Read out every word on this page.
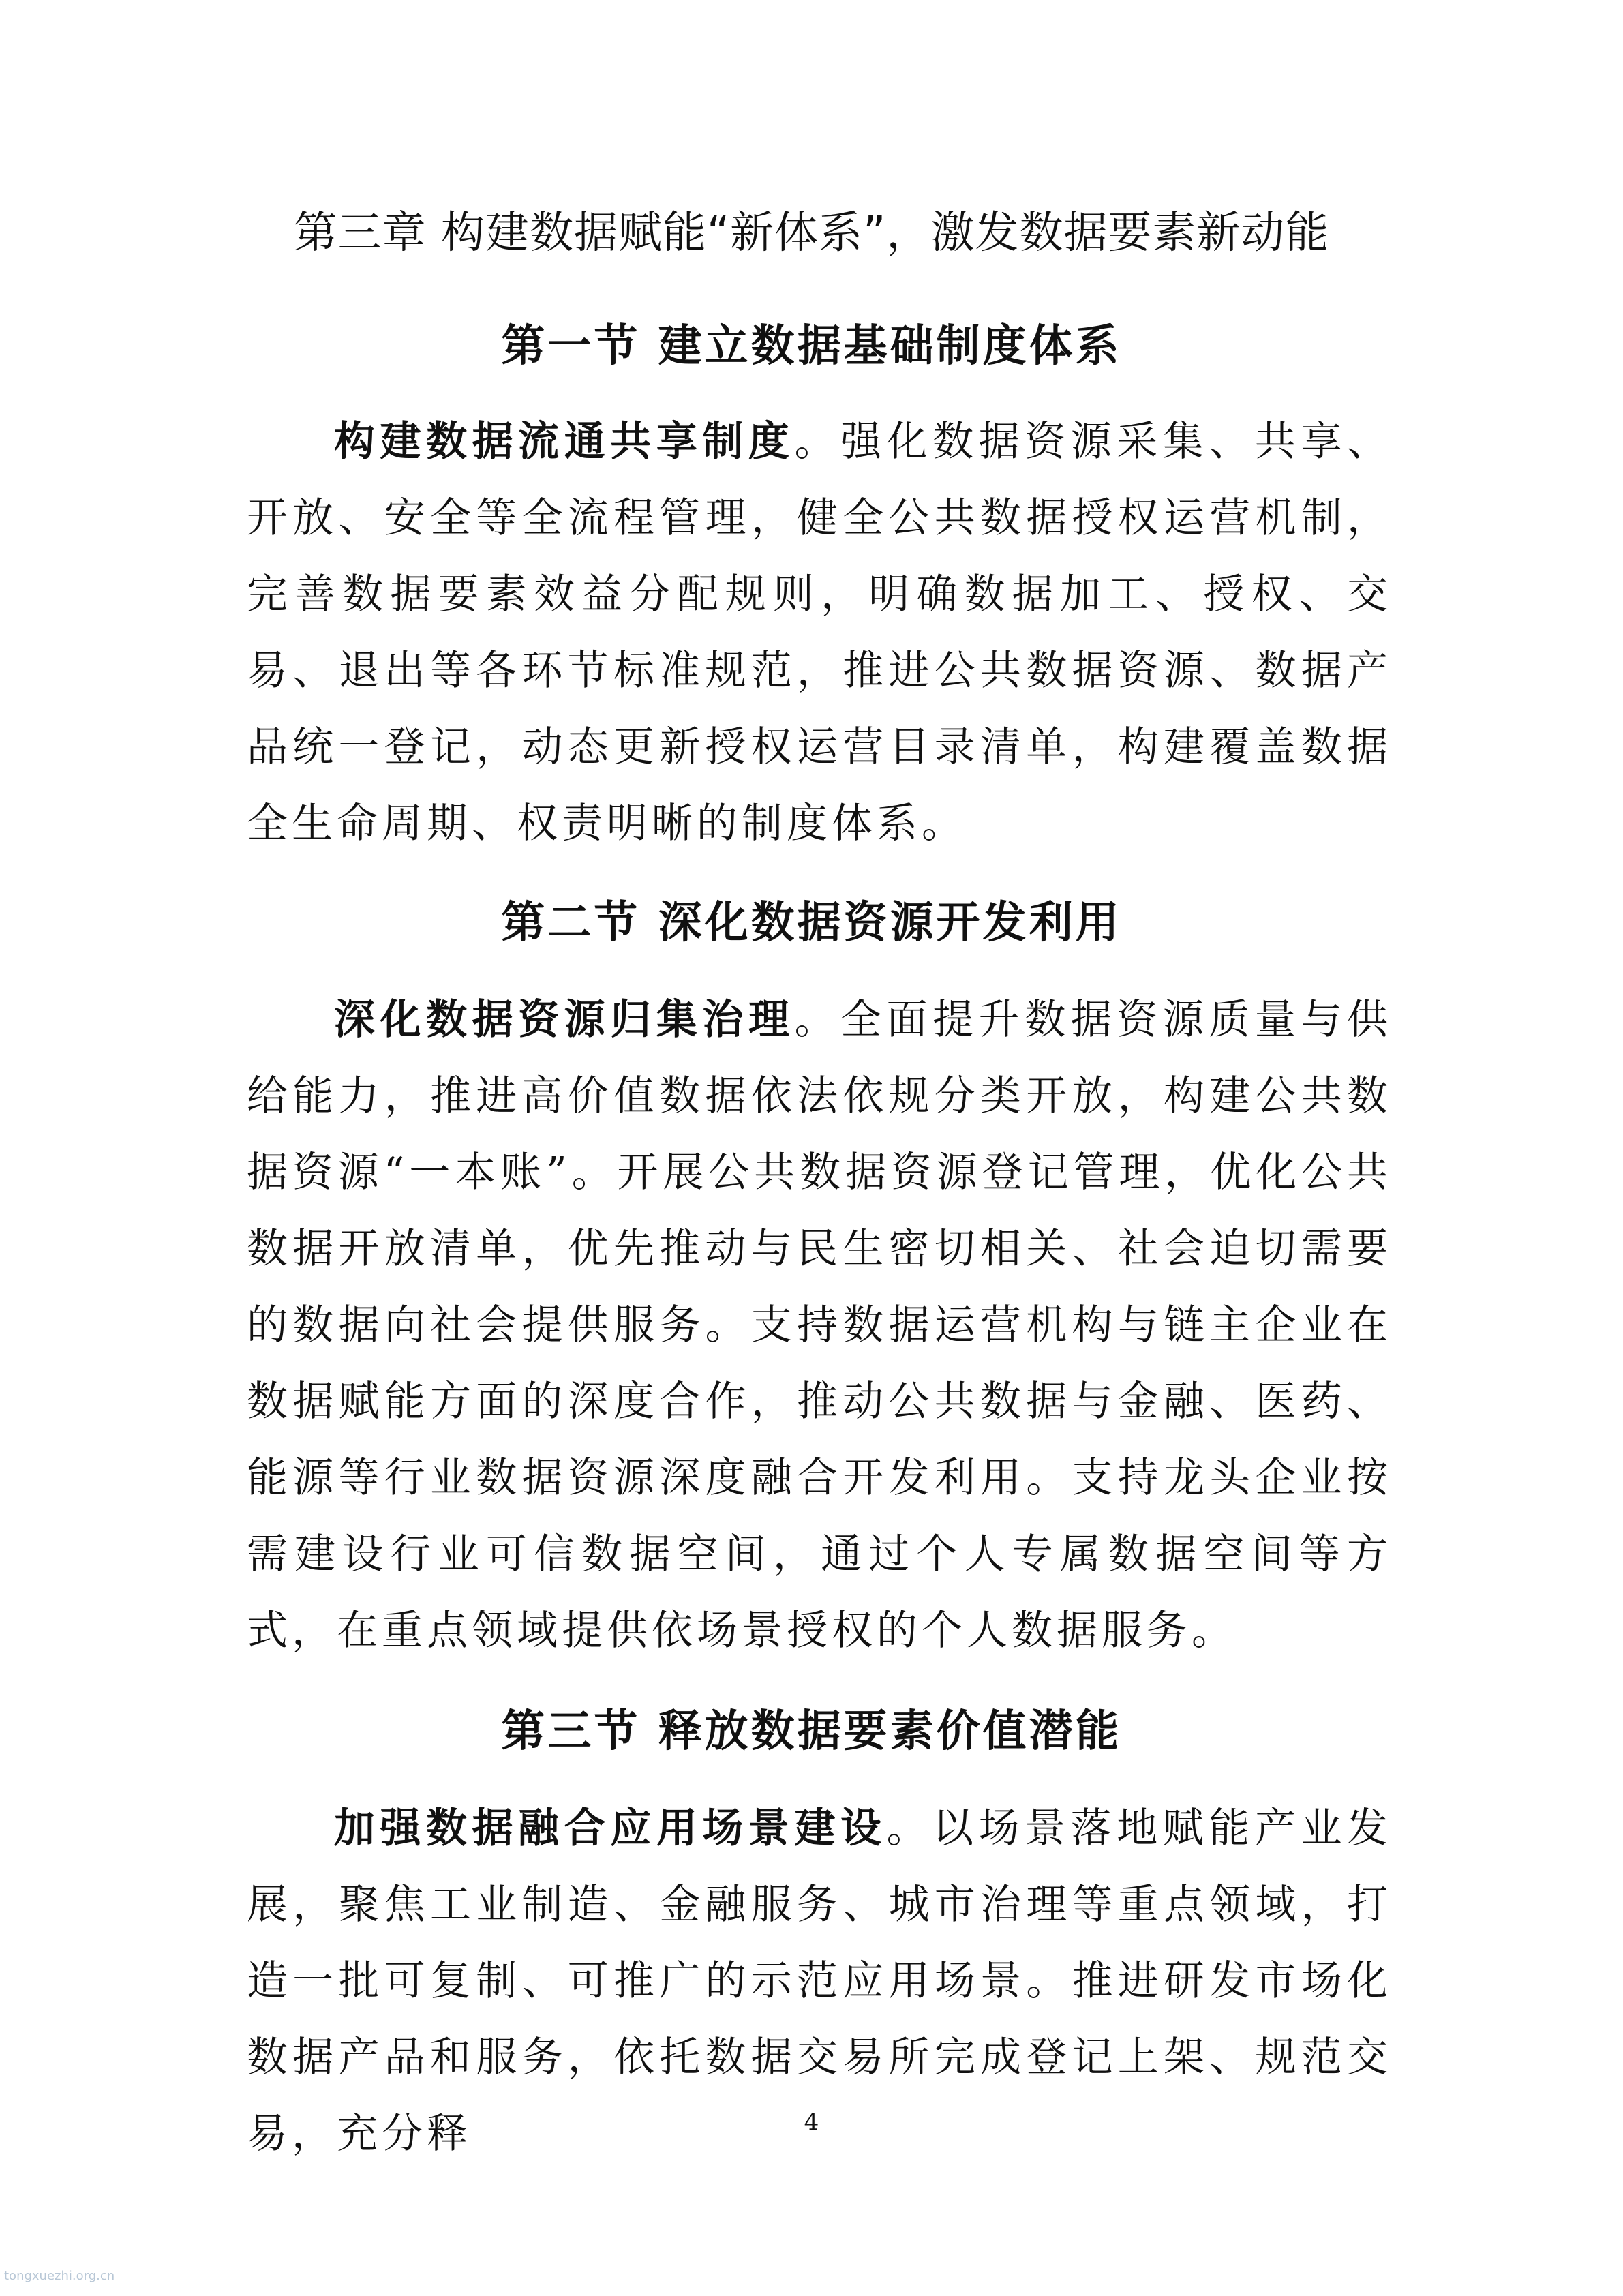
第三章 构建数据赋能“新体系”，激发数据要素新动能
第一节 建立数据基础制度体系

构建数据流通共享制度。强化数据资源采集、共享、开放、安全等全流程管理，健全公共数据授权运营机制，完善数据要素效益分配规则，明确数据加工、授权、交易、退出等各环节标准规范，推进公共数据资源、数据产品统一登记，动态更新授权运营目录清单，构建覆盖数据全生命周期、权责明晰的制度体系。

第二节 深化数据资源开发利用

深化数据资源归集治理。全面提升数据资源质量与供给能力，推进高价值数据依法依规分类开放，构建公共数据资源“一本账”。开展公共数据资源登记管理，优化公共数据开放清单，优先推动与民生密切相关、社会迫切需要的数据向社会提供服务。支持数据运营机构与链主企业在数据赋能方面的深度合作，推动公共数据与金融、医药、能源等行业数据资源深度融合开发利用。支持龙头企业按需建设行业可信数据空间，通过个人专属数据空间等方式，在重点领域提供依场景授权的个人数据服务。

第三节 释放数据要素价值潜能

加强数据融合应用场景建设。以场景落地赋能产业发展，聚焦工业制造、金融服务、城市治理等重点领域，打造一批可复制、可推广的示范应用场景。推进研发市场化数据产品和服务，依托数据交易所完成登记上架、规范交易，充分释	4
tongxuezhi.org.cn
